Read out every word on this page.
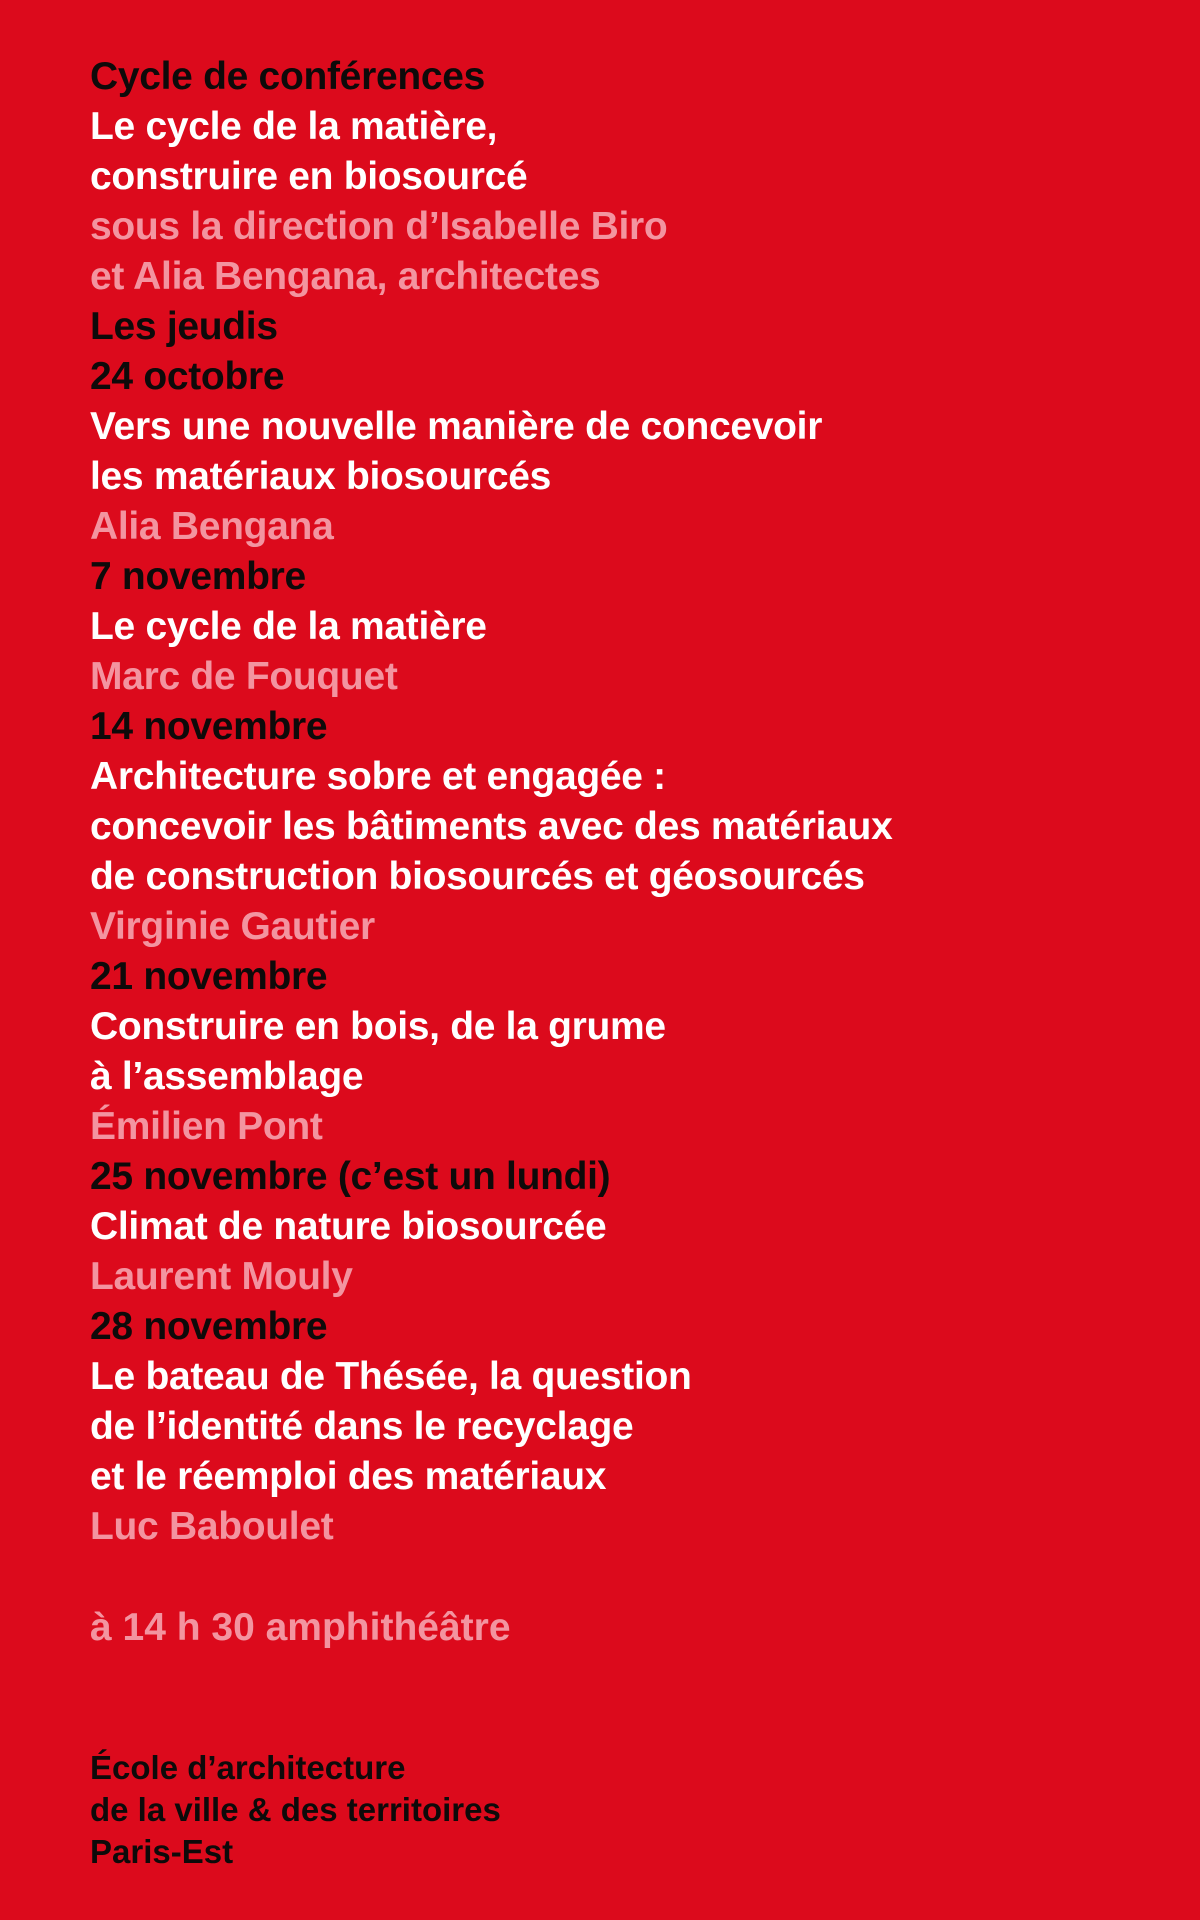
Cycle de conférences
Le cycle de la matière,
construire en biosourcé
sous la direction d’Isabelle Biro
et Alia Bengana, architectes
Les jeudis
24 octobre
Vers une nouvelle manière de concevoir
les matériaux biosourcés
Alia Bengana
7 novembre
Le cycle de la matière
Marc de Fouquet
14 novembre
Architecture sobre et engagée :
concevoir les bâtiments avec des matériaux
de construction biosourcés et géosourcés
Virginie Gautier
21 novembre
Construire en bois, de la grume
à l’assemblage
Émilien Pont
25 novembre (c’est un lundi)
Climat de nature biosourcée
Laurent Mouly
28 novembre
Le bateau de Thésée, la question
de l’identité dans le recyclage
et le réemploi des matériaux
Luc Baboulet
à 14 h 30 amphithéâtre
École d’architecture
de la ville & des territoires
Paris-Est
